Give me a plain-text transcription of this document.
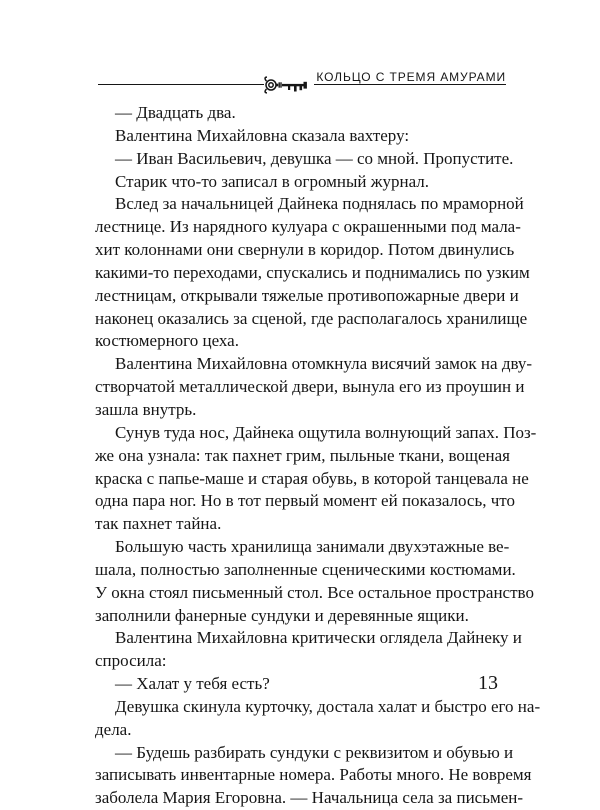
КОЛЬЦО С ТРЕМЯ АМУРАМИ
— Двадцать два.
Валентина Михайловна сказала вахтеру:
— Иван Васильевич, девушка — со мной. Пропустите.
Старик что-то записал в огромный журнал.
Вслед за начальницей Дайнека поднялась по мраморной
лестнице. Из нарядного кулуара с окрашенными под мала-
хит колоннами они свернули в коридор. Потом двинулись
какими-то переходами, спускались и поднимались по узким
лестницам, открывали тяжелые противопожарные двери и
наконец оказались за сценой, где располагалось хранилище
костюмерного цеха.
Валентина Михайловна отомкнула висячий замок на дву-
створчатой металлической двери, вынула его из проушин и
зашла внутрь.
Сунув туда нос, Дайнека ощутила волнующий запах. Поз-
же она узнала: так пахнет грим, пыльные ткани, вощеная
краска с папье-маше и старая обувь, в которой танцевала не
одна пара ног. Но в тот первый момент ей показалось, что
так пахнет тайна.
Большую часть хранилища занимали двухэтажные ве-
шала, полностью заполненные сценическими костюмами.
У окна стоял письменный стол. Все остальное пространство
заполнили фанерные сундуки и деревянные ящики.
Валентина Михайловна критически оглядела Дайнеку и
спросила:
— Халат у тебя есть?
Девушка скинула курточку, достала халат и быстро его на-
дела.
— Будешь разбирать сундуки с реквизитом и обувью и
записывать инвентарные номера. Работы много. Не вовремя
заболела Мария Егоровна. — Начальница села за письмен-
13
